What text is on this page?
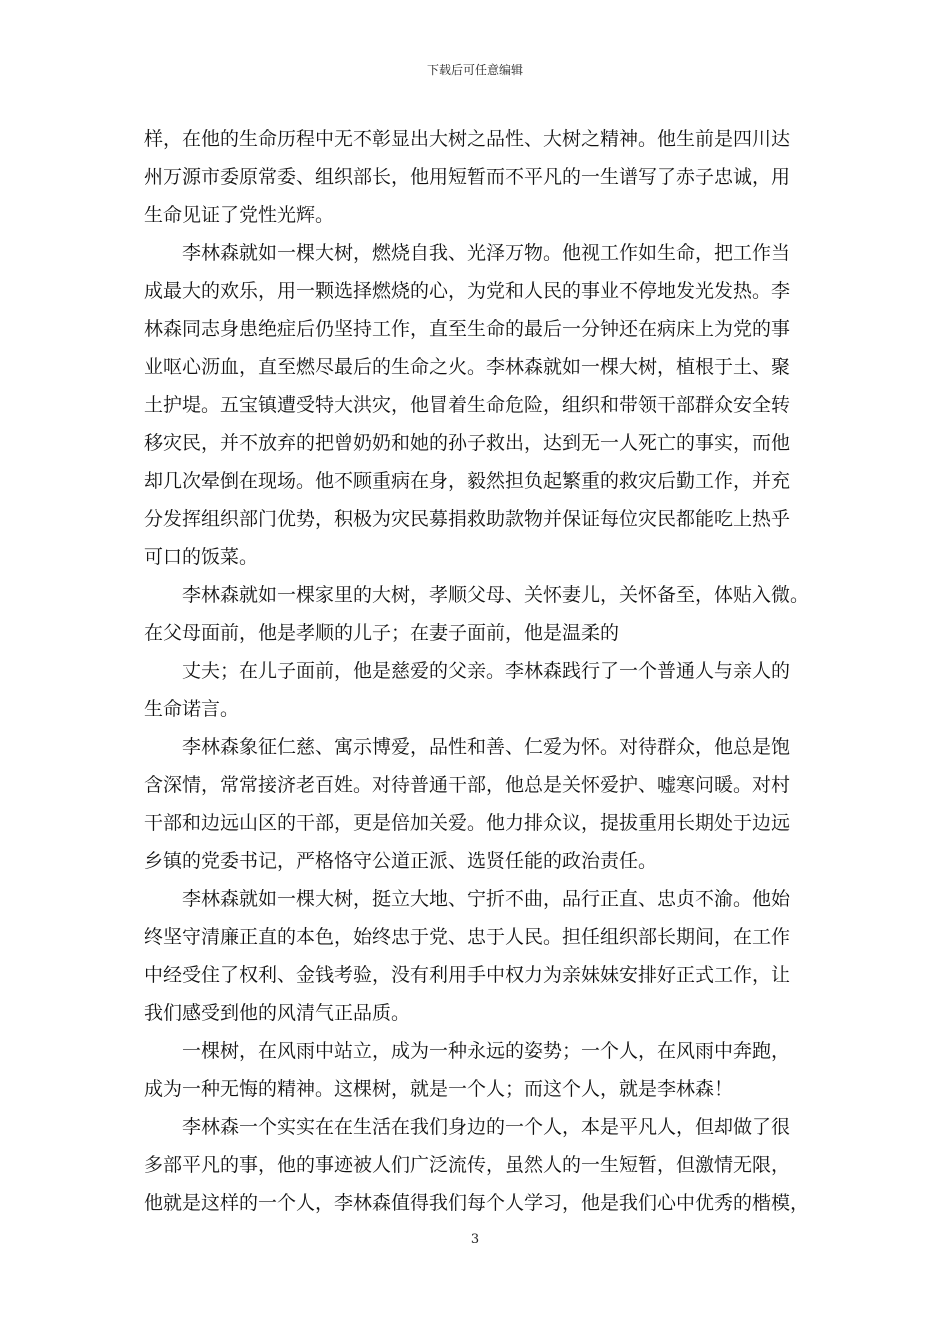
下载后可任意编辑
样，在他的生命历程中无不彰显出大树之品性、大树之精神。他生前是四川达
州万源市委原常委、组织部长，他用短暂而不平凡的一生谱写了赤子忠诚，用
生命见证了党性光辉。
李林森就如一棵大树，燃烧自我、光泽万物。他视工作如生命，把工作当
成最大的欢乐，用一颗选择燃烧的心，为党和人民的事业不停地发光发热。李
林森同志身患绝症后仍坚持工作，直至生命的最后一分钟还在病床上为党的事
业呕心沥血，直至燃尽最后的生命之火。李林森就如一棵大树，植根于土、聚
土护堤。五宝镇遭受特大洪灾，他冒着生命危险，组织和带领干部群众安全转
移灾民，并不放弃的把曾奶奶和她的孙子救出，达到无一人死亡的事实，而他
却几次晕倒在现场。他不顾重病在身，毅然担负起繁重的救灾后勤工作，并充
分发挥组织部门优势，积极为灾民募捐救助款物并保证每位灾民都能吃上热乎
可口的饭菜。
李林森就如一棵家里的大树，孝顺父母、关怀妻儿，关怀备至，体贴入微。
在父母面前，他是孝顺的儿子；在妻子面前，他是温柔的
丈夫；在儿子面前，他是慈爱的父亲。李林森践行了一个普通人与亲人的
生命诺言。
李林森象征仁慈、寓示博爱，品性和善、仁爱为怀。对待群众，他总是饱
含深情，常常接济老百姓。对待普通干部，他总是关怀爱护、嘘寒问暖。对村
干部和边远山区的干部，更是倍加关爱。他力排众议，提拔重用长期处于边远
乡镇的党委书记，严格恪守公道正派、选贤任能的政治责任。
李林森就如一棵大树，挺立大地、宁折不曲，品行正直、忠贞不渝。他始
终坚守清廉正直的本色，始终忠于党、忠于人民。担任组织部长期间，在工作
中经受住了权利、金钱考验，没有利用手中权力为亲妹妹安排好正式工作，让
我们感受到他的风清气正品质。
一棵树，在风雨中站立，成为一种永远的姿势；一个人，在风雨中奔跑，
成为一种无悔的精神。这棵树，就是一个人；而这个人，就是李林森！
李林森一个实实在在生活在我们身边的一个人，本是平凡人，但却做了很
多部平凡的事，他的事迹被人们广泛流传，虽然人的一生短暂，但激情无限，
他就是这样的一个人，李林森值得我们每个人学习，他是我们心中优秀的楷模，
3
